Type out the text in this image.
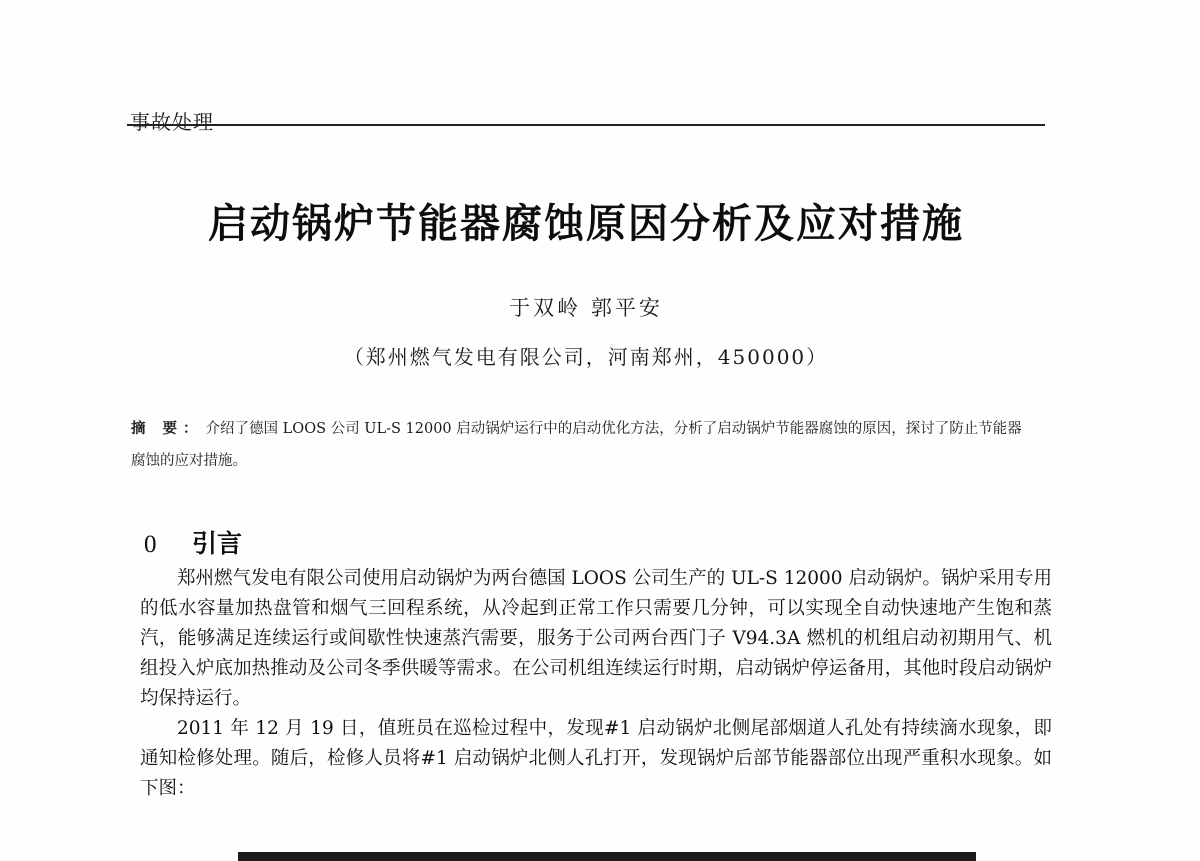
事故处理
启动锅炉节能器腐蚀原因分析及应对措施
于双岭 郭平安
（郑州燃气发电有限公司，河南郑州，450000）
摘 要： 介绍了德国 LOOS 公司 UL-S 12000 启动锅炉运行中的启动优化方法，分析了启动锅炉节能器腐蚀的原因，探讨了防止节能器腐蚀的应对措施。
0 引言

郑州燃气发电有限公司使用启动锅炉为两台德国 LOOS 公司生产的 UL-S 12000 启动锅炉。锅炉采用专用的低水容量加热盘管和烟气三回程系统，从冷起到正常工作只需要几分钟，可以实现全自动快速地产生饱和蒸汽，能够满足连续运行或间歇性快速蒸汽需要，服务于公司两台西门子 V94.3A 燃机的机组启动初期用气、机组投入炉底加热推动及公司冬季供暖等需求。在公司机组连续运行时期，启动锅炉停运备用，其他时段启动锅炉均保持运行。

2011 年 12 月 19 日，值班员在巡检过程中，发现#1 启动锅炉北侧尾部烟道人孔处有持续滴水现象，即通知检修处理。随后，检修人员将#1 启动锅炉北侧人孔打开，发现锅炉后部节能器部位出现严重积水现象。如下图：
